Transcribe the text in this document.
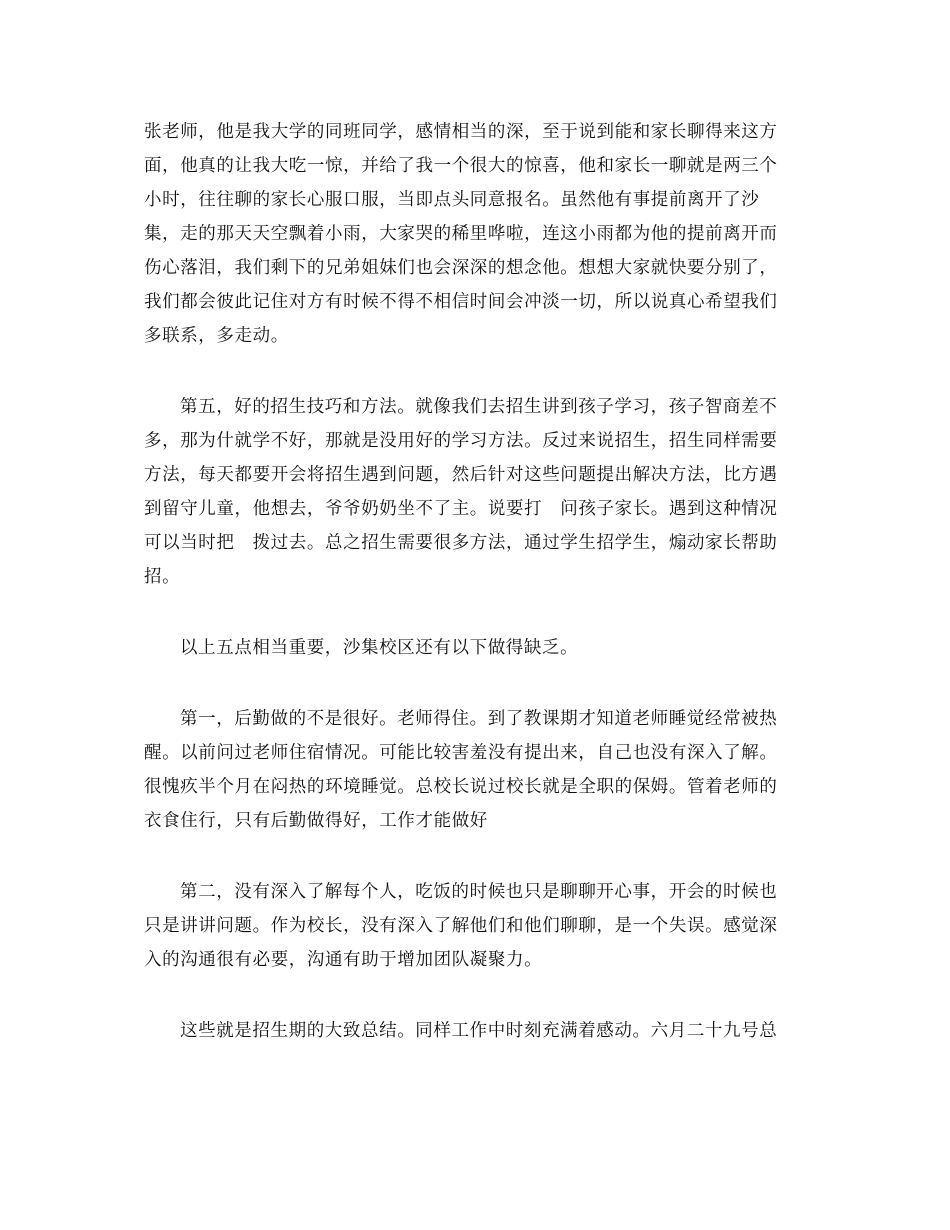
张老师，他是我大学的同班同学，感情相当的深，至于说到能和家长聊得来这方
面，他真的让我大吃一惊，并给了我一个很大的惊喜，他和家长一聊就是两三个
小时，往往聊的家长心服口服，当即点头同意报名。虽然他有事提前离开了沙
集，走的那天天空飘着小雨，大家哭的稀里哗啦，连这小雨都为他的提前离开而
伤心落泪，我们剩下的兄弟姐妹们也会深深的想念他。想想大家就快要分别了，
我们都会彼此记住对方有时候不得不相信时间会冲淡一切，所以说真心希望我们
多联系，多走动。

第五，好的招生技巧和方法。就像我们去招生讲到孩子学习，孩子智商差不
多，那为什就学不好，那就是没用好的学习方法。反过来说招生，招生同样需要
方法，每天都要开会将招生遇到问题，然后针对这些问题提出解决方法，比方遇
到留守儿童，他想去，爷爷奶奶坐不了主。说要打　问孩子家长。遇到这种情况
可以当时把　拨过去。总之招生需要很多方法，通过学生招学生，煽动家长帮助
招。

以上五点相当重要，沙集校区还有以下做得缺乏。

第一，后勤做的不是很好。老师得住。到了教课期才知道老师睡觉经常被热
醒。以前问过老师住宿情况。可能比较害羞没有提出来，自己也没有深入了解。
很愧疚半个月在闷热的环境睡觉。总校长说过校长就是全职的保姆。管着老师的
衣食住行，只有后勤做得好，工作才能做好

第二，没有深入了解每个人，吃饭的时候也只是聊聊开心事，开会的时候也
只是讲讲问题。作为校长，没有深入了解他们和他们聊聊，是一个失误。感觉深
入的沟通很有必要，沟通有助于增加团队凝聚力。

这些就是招生期的大致总结。同样工作中时刻充满着感动。六月二十九号总
